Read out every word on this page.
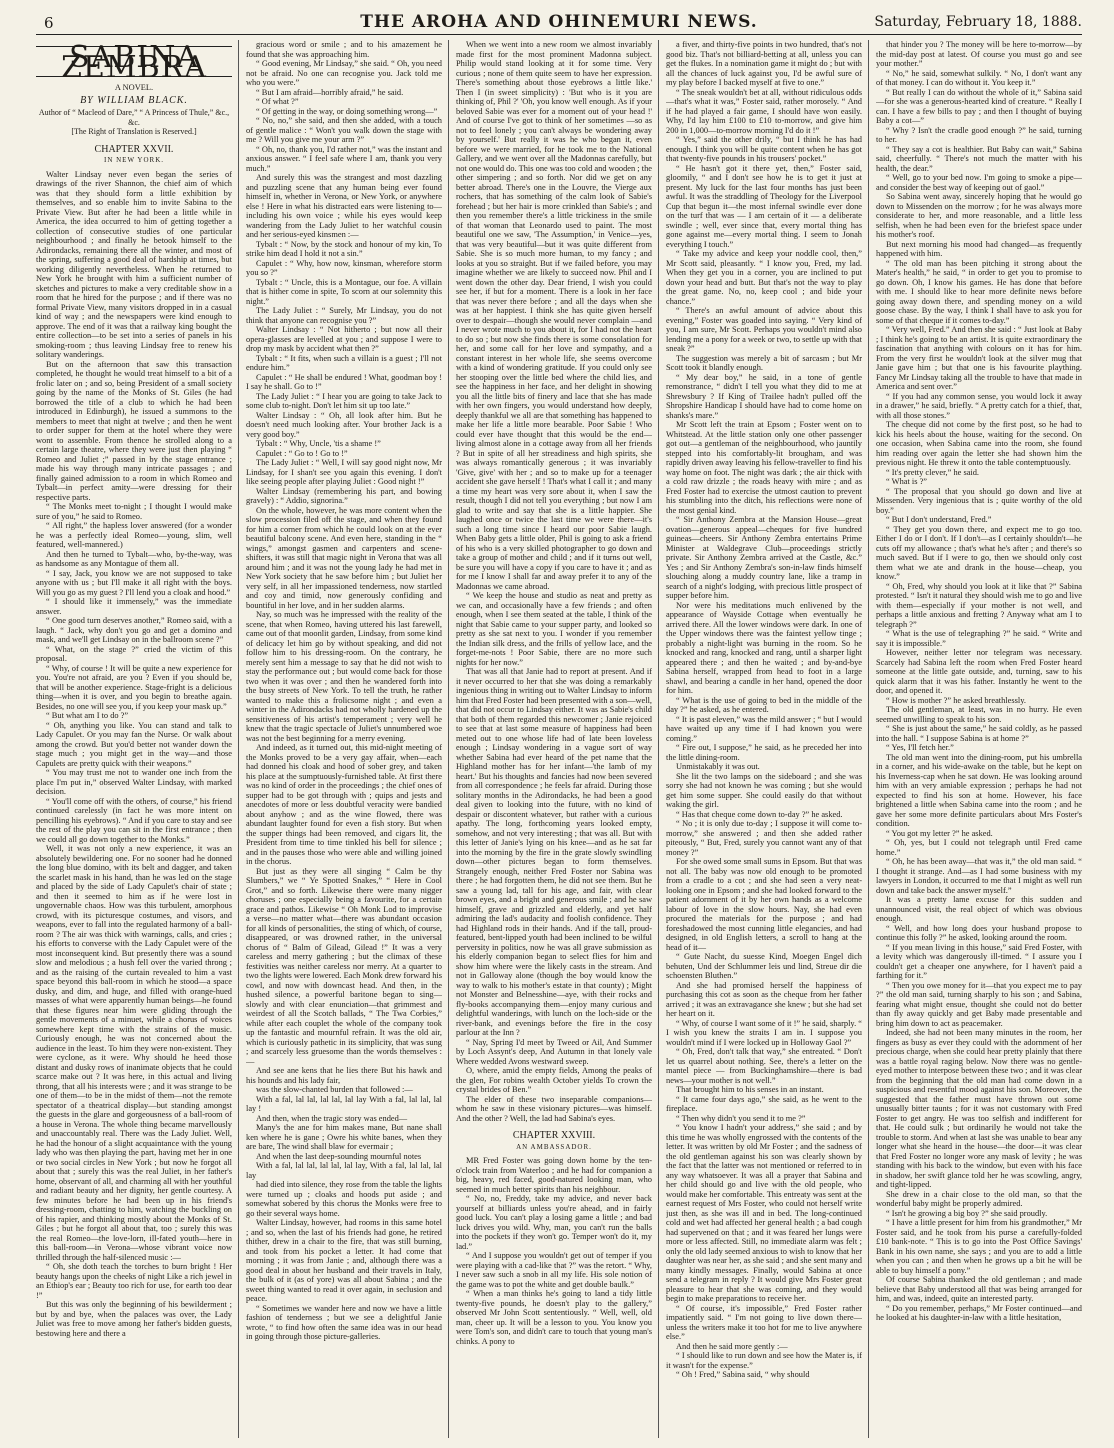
6	THE AROHA AND OHINEMURI NEWS.	Saturday, February 18, 1888.
SABINA ZEMBRA
A NOVEL.
BY WILLIAM BLACK.
Author of “ Macleod of Dare,” “ A Princess of Thule,” &c., &c.
[The Right of Translation is Reserved.]
CHAPTER XXVII.
IN NEW YORK.

Walter Lindsay never even began the series of drawings of the river Shannon, the chief aim of which was that they should form a little exhibition by themselves, and so enable him to invite Sabina to the Private View. But after he had been a little while in America, the idea occurred to him of getting together a collection of consecutive studies of one particular neighbourhood ; and finally he betook himself to the Adirondacks, remaining there all the winter, and most of the spring, suffering a good deal of hardship at times, but working diligently nevertheless. When he returned to New York he brought with him a sufficient number of sketches and pictures to make a very creditable show in a room that he hired for the purpose ; and if there was no formal Private View, many visitors dropped in in a casual kind of way ; and the newspapers were kind enough to approve. The end of it was that a railway king bought the entire collection—to be set into a series of panels in his smoking-room ; thus leaving Lindsay free to renew his solitary wanderings.

But on the afternoon that saw this transaction completed, he thought he would treat himself to a bit of a frolic later on ; and so, being President of a small society going by the name of the Monks of St. Giles (he had borrowed the title of a club to which he had been introduced in Edinburgh), he issued a summons to the members to meet that night at twelve ; and then he went to order supper for them at the hotel where they were wont to assemble. From thence he strolled along to a certain large theatre, where they were just then playing “ Romeo and Juliet ;” passed in by the stage entrance ; made his way through many intricate passages ; and finally gained admission to a room in which Romeo and Tybalt—in perfect amity—were dressing for their respective parts.

“ The Monks meet to-night ; I thought I would make sure of you,” he said to Romeo.

“ All right,” the hapless lover answered (for a wonder he was a perfectly ideal Romeo—young, slim, well featured, well-mannered.)

And then he turned to Tybalt—who, by-the-way, was as handsome as any Montague of them all.

“ I say, Jack, you know we are not supposed to take anyone with us ; but I'll make it all right with the boys. Will you go as my guest ? I'll lend you a cloak and hood.”

“ I should like it immensely,” was the immediate answer.

“ One good turn deserves another,” Romeo said, with a laugh. “ Jack, why don't you go and get a domino and mask, and we'll get Lindsay on in the ballroom scene ?”

“ What, on the stage ?” cried the victim of this proposal.

“ Why, of course ! It will be quite a new experience for you. You're not afraid, are you ? Even if you should be, that will be another experience. Stage-fright is a delicious thing—when it is over, and you begin to breathe again. Besides, no one will see you, if you keep your mask up.”

“ But what am I to do ?”

“ Oh, anything you like. You can stand and talk to Lady Capulet. Or you may fan the Nurse. Or walk about among the crowd. But you'd better not wander down the stage much ; you might get in the way—and those Capulets are pretty quick with their weapons.”

“ You may trust me not to wander one inch from the place I'm put in,” observed Walter Lindsay, with marked decision.

“ You'll come off with the others, of course,” his friend continued carelessly (in fact he was more intent on pencilling his eyebrows). “ And if you care to stay and see the rest of the play you can sit in the first entrance ; then we could all go down together to the Monks.”

Well, it was not only a new experience, it was an absolutely bewildering one. For no sooner had he donned the long blue domino, with its belt and dagger, and taken the scarlet mask in his hand, than he was led on the stage and placed by the side of Lady Capulet's chair of state ; and then it seemed to him as if he were lost in ungovernable chaos. How was this turbulent, amorphous crowd, with its picturesque costumes, and visors, and weapons, ever to fall into the regulated harmony of a ball-room ? The air was thick with warnings, calls, and cries ; his efforts to converse with the Lady Capulet were of the most inconsequent kind. But presently there was a sound slow and melodious ; a hush fell over the varied throng ; and as the raising of the curtain revealed to him a vast space beyond this ball-room in which he stood—a space dusky, and dim, and huge, and filled with orange-hued masses of what were apparently human beings—he found that these figures near him were gliding through the gentle movements of a minuet, while a chorus of voices somewhere kept time with the strains of the music. Curiously enough, he was not concerned about the audience in the least. To him they were non-existent. They were cyclone, as it were. Why should he heed those distant and dusky rows of inanimate objects that he could scarce make out ? It was here, in this actual and living throng, that all his interests were ; and it was strange to be one of them—to be in the midst of them—not the remote spectator of a theatrical display—but standing amongst the guests in the glare and gorgeousness of a ball-room of a house in Verona. The whole thing became marvellously and unaccountably real. There was the Lady Juliet. Well, he had the honour of a slight acquaintance with the young lady who was then playing the part, having met her in one or two social circles in New York ; but now he forgot all about that ; surely this was the real Juliet, in her father's home, observant of all, and charming all with her youthful and radiant beauty and her dignity, her gentle courtesy. A few minutes before he had been up in his friend's dressing-room, chatting to him, watching the buckling on of his rapier, and thinking mostly about the Monks of St. Giles ; but he forgot all about that, too ; surely this was the real Romeo—the love-lorn, ill-fated youth—here in this ball-room—in Verona—whose vibrant voice now thrilled through the half-silenced music :—

“ Oh, she doth teach the torches to burn bright ! Her beauty hangs upon the cheeks of night Like a rich jewel in an Ethiop's ear ; Beauty too rich for use, for earth too dear !”

But this was only the beginning of his bewilderment ; but by and bye, when the palaces was over, the Lady Juliet was free to move among her father's bidden guests, bestowing here and there a

gracious word or smile ; and to his amazement he found that she was approaching him.

“ Good evening, Mr Lindsay,” she said. “ Oh, you need not be afraid. No one can recognise you. Jack told me who you were.”

“ But I am afraid—horribly afraid,” he said.

“ Of what ?”

“ Of getting in the way, or doing something wrong—”

“ No, no,” she said, and then she added, with a touch of gentle malice : “ Won't you walk down the stage with me ? Will you give me your arm ?”

“ Oh, no, thank you, I'd rather not,” was the instant and anxious answer. “ I feel safe where I am, thank you very much.”

And surely this was the strangest and most dazzling and puzzling scene that any human being ever found himself in, whether in Verona, or New York, or anywhere else ! Here in what his distracted ears were listening to—including his own voice ; while his eyes would keep wandering from the Lady Juliet to her watchful cousin and her serious-eyed kinsmen :—

Tybalt : “ Now, by the stock and honour of my kin, To strike him dead I hold it not a sin.”

Capulet : “ Why, how now, kinsman, wherefore storm you so ?”

Tybalt : “ Uncle, this is a Montague, our foe. A villain that is hither come in spite, To scorn at our solemnity this night.”

The Lady Juliet : “ Surely, Mr Lindsay, you do not think that anyone can recognise you ?”

Walter Lindsay : “ Not hitherto ; but now all their opera-glasses are levelled at you ; and suppose I were to drop my mask by accident what then ?”

Tybalt : “ It fits, when such a villain is a guest ; I'll not endure him.”

Capulet : “ He shall be endured ! What, goodman boy ! I say he shall. Go to !”

The Lady Juliet : “ I hear you are going to take Jack to some club to-night. Don't let him sit up too late.”

Walter Lindsay : “ Oh, all look after him. But he doesn't need much looking after. Your brother Jack is a very good boy.”

Tybalt : “ Why, Uncle, 'tis a shame !”

Capulet : “ Go to ! Go to !”

The Lady Juliet : “ Well, I will say good night now, Mr Lindsay, for I shan't see you again this evening. I don't like seeing people after playing Juliet : Good night !”

Walter Lindsay (remembering his part, and bowing gravely) : “ Addio, signorina.”

On the whole, however, he was more content when the slow procession filed off the stage, and when they found for him a corner from which he could look on at the ever beautiful balcony scene. And even here, standing in the “ wings,” amongst gasmen and carpenters and scene-shifters, it was still that magic night in Verona that was all around him ; and it was not the young lady he had met in New York society that he saw before him ; but Juliet her very self, in all her impassioned tenderness, now startled and coy and timid, now generously confiding and bountiful in her love, and in her sudden alarms.

Nay, so much was he impressed with the reality of the scene, that when Romeo, having uttered his last farewell, came out of that moonlit garden, Lindsay, from some kind of delicacy let him go by without speaking, and did not follow him to his dressing-room. On the contrary, he merely sent him a message to say that he did not wish to stay the performance out ; but would come back for those two when it was over ; and then he wandered forth into the busy streets of New York. To tell the truth, he rather wanted to make this a frolicsome night ; and even a winter in the Adirondacks had not wholly hardened up the sensitiveness of his artist's temperament ; very well he knew that the tragic spectacle of Juliet's unnumbered woe was not the best beginning for a merry evening.

And indeed, as it turned out, this mid-night meeting of the Monks proved to be a very gay affair, when—each had donned his cloak and hood of sober grey, and taken his place at the sumptuously-furnished table. At first there was no kind of order in the proceedings ; the chief ones of supper had to be got through with ; quips and jests and anecdotes of more or less doubtful veracity were bandied about anyhow ; and as the wine flowed, there was abundant laughter found for even a fish story. But when the supper things had been removed, and cigars lit, the President from time to time tinkled his bell for silence ; and in the pauses those who were able and willing joined in the chorus.

But just as they were all singing “ Calm be thy Slumbers,” we “ Ye Spotted Snakes,” “ Here in Cool Grot,” and so forth. Likewise there were many nigger choruses ; one especially being a favourite, for a certain grace and pathos. Likewise “ Oh Monk Lod to improvise a verse—no matter what—there was abundant occasion for all kinds of personalities, the sting of which, of course, disappeared, or was drowned rather, in the universal chorus of “ Balm of Gilead, Gilead !” It was a very careless and merry gathering ; but the climax of these festivities was neither careless nor merry. At a quarter to two the lights were lowered. Each Monk drew forward his cowl, and now with downcast head. And then, in the hushed silence, a powerful baritone began to sing—slowly and with clear enunciation—that grimmest and weirdest of all the Scotch ballads, “ The Twa Corbies,” while after each couplet the whole of the company took up the fantastic and mournful refrain. It was the old air, which is curiously pathetic in its simplicity, that was sung ; and scarcely less gruesome than the words themselves :—

And see ane kens that he lies there But his hawk and his hounds and his lady fair,

was the slow-chanted burden that followed :—

With a fal, lal lal, lal lal, lal lay With a fal, lal lal, lal lay !

And then, when the tragic story was ended—

Many's the ane for him makes mane, But nane shall ken where he is gane ; Owre his white banes, when they are bare, The wind shall blaw for evermair ;

And when the last deep-sounding mournful notes

With a fal, lal lal, lal lal, lal lay, With a fal, lal lal, lal lay

had died into silence, they rose from the table the lights were turned up ; cloaks and hoods put aside ; and somewhat sobered by this chorus the Monks were free to go their several ways home.

Walter Lindsay, however, had rooms in this same hotel ; and so, when the last of his friends had gone, he retired thither, drew in a chair to the fire, that was still burning, and took from his pocket a letter. It had come that morning ; it was from Janie ; and, although there was a good deal in about her husband and their travels in Italy, the bulk of it (as of yore) was all about Sabina ; and the sweet thing wanted to read it over again, in seclusion and peace.

“ Sometimes we wander here and now we have a little fashion of tenderness ; but we see a delightful Janie wrote, “ to find how often the same idea was in our head in going through those picture-galleries.

When we went into a new room we almost invariably made first for the most prominent Madonna subject. Philip would stand looking at it for some time. Very curious ; none of them quite seem to have her expression. There's something about those eyebrows a little like.' Then I (in sweet simplicity) : 'But who is it you are thinking of, Phil ?' 'Oh, you know well enough. As if your beloved Sabie was ever for a moment out of your head !' And of course I've got to think of her sometimes —so as not to feel lonely ; you can't always be wondering away by yourself.' But really it was he who began it, even before we were married, for he took me to the National Gallery, and we went over all the Madonnas carefully, but not one would do. This one was too cold and wooden ; the other simpering ; and so forth. Nor did we get on any better abroad. There's one in the Louvre, the Vierge aux rochers, that has something of the calm look of Sabie's forehead ; but her hair is more crinkled than Sabie's ; and then you remember there's a little trickiness in the smile of that woman that Leonardo used to paint. The most beautiful one we saw, 'The Assumption,' in Venice—yes, that was very beautiful—but it was quite different from Sabie. She is so much more human, to my fancy ; and looks at you so straight. But if we failed before, you may imagine whether we are likely to succeed now. Phil and I went down the other day. Dear friend, I wish you could see her, if but for a moment. There is a look in her face that was never there before ; and all the days when she was at her happiest. I think she has quite given herself over to despair—though she would never complain —and I never wrote much to you about it, for I had not the heart to do so ; but now she finds there is some consolation for her, and some call for her love and sympathy, and a constant interest in her whole life, she seems overcome with a kind of wondering gratitude. If you could only see her stooping over the little bed where the child lies, and see the happiness in her face, and her delight in showing you all the little bits of finery and lace that she has made with her own fingers, you would understand how deeply, deeply thankful we all are that something has happened to make her life a little more bearable. Poor Sabie ! Who could ever have thought that this would be the end—living almost alone in a cottage away from all her friends ? But in spite of all her streadiness and high spirits, she was always romantically generous ; it was invariably 'Give, give' with her ; and so to make up for a teenager accident she gave herself ! That's what I call it ; and many a time my heart was very sore about it, when I saw the result, though I did not tell you everything ; but now I am glad to write and say that she is a little happier. She laughed once or twice the last time we were there—it's such a long time since I heard our poor Sabie laugh. When Baby gets a little older, Phil is going to ask a friend of his who is a very skilled photographer to go down and take a group of mother and child ; and if it turns out well, be sure you will have a copy if you care to have it ; and as for me I know I shall far and away prefer it to any of the Madonnas we came abroad.

“ We keep the house and studio as neat and pretty as we can, and occasionally have a few friends ; and often enough, when I see them seated at the table, I think of the night that Sabie came to your supper party, and looked so pretty as she sat next to you. I wonder if you remember the Indian silk dress, and the frills of yellow lace, and the forget-me-nots ! Poor Sabie, there are no more such nights for her now.”

That was all that Janie had to report at present. And if it never occurred to her that she was doing a remarkably ingenious thing in writing out to Walter Lindsay to inform him that Fred Foster had been presented with a son—well, that did not occur to Lindsay either. It was as Sabie's child that both of them regarded this newcomer ; Janie rejoiced to see that at last some measure of happiness had been meted out to one whose life had of late been loveless enough ; Lindsay wondering in a vague sort of way whether Sabina had ever heard of the pet name that the Highland mother has for her infant—'the lamb of my heart.' But his thoughts and fancies had now been severed from all correspondence ; he feels far afraid. During those solitary months in the Adirondacks, he had been a good deal given to looking into the future, with no kind of despair or discontent whatever, but rather with a curious apathy. The long, forthcoming years looked empty, somehow, and not very interesting ; that was all. But with this letter of Janie's lying on his knee—and as he sat far into the morning by the fire in the grate slowly swindling down—other pictures began to form themselves. Strangely enough, neither Fred Foster nor Sabina was there ; he had forgotten them, he did not see them. But he saw a young lad, tall for his age, and fair, with clear brown eyes, and a bright and generous smile ; and he saw himself, grave and grizzled and elderly, and yet half admiring the lad's audacity and foolish confidence. They had Highland rods in their hands. And if the tall, proud-featured, bent-lipped youth had been inclined to be wilful perversity in politics, now he was all grave submission as his elderly companion began to select flies for him and show him where were the likely casts in the stream. And not in Galloway alone (though the boy would know the way to walk to his mother's estate in that county) ; Might not Monster and Belnesshine—aye, with their rocks and fly-books accompanying them—enjoy many curious and delightful wanderings, with lunch on the loch-side or the river-bank, and evenings before the fire in the cosy parlour at the Inn ?

“ Nay, Spring I'd meet by Tweed or Ail, And Summer by Loch Assynt's deep, And Autumn in that lonely vale Where wedded Avons westward sweep.

O, where, amid the empty fields, Among the peaks of the glen, For robins wealth October yields To crown the crystal brides of Ben.”

The elder of these two inseparable companions—whom he saw in these visionary pictures—was himself. And the other ? Well, the lad had Sabina's eyes.

CHAPTER XXVIII.
AN AMBASSADOR.

MR Fred Foster was going down home by the ten-o'clock train from Waterloo ; and he had for companion a big, heavy, red faced, good-natured looking man, who seemed in much better spirits than his neighbour.

“ No, no, Freddy, take my advice, and never back yourself at billiards unless you're ahead, and in fairly good luck. You can't play a losing game a little ; and bad luck drives you wild. Why, man, you can't run the balls into the pockets if they won't go. Temper won't do it, my lad.”

“ And I suppose you wouldn't get out of temper if you were playing with a cad-like that ?” was the retort. “ Why, I never saw such a snob in all my life. His sole notion of the game was to pot the white and get double baulk.”

“ When a man thinks he's going to land a tidy little twenty-five pounds, he doesn't play to the gallery,” observed Mr John Scott sententiously. “ Well, well, old man, cheer up. It will be a lesson to you. You know you were Tom's son, and didn't care to touch that young man's chinks. A pony to

a fiver, and thirty-five points in two hundred, that's not good biz. That's not billiard-betting at all, unless you can get the flukes. In a nomination game it might do ; but with all the chances of luck against you, I'd be awful sure of my play before I backed myself at five to one.”

“ The sneak wouldn't bet at all, without ridiculous odds—that's what it was,” Foster said, rather morosely. “ And if he had played a fair game, I should have won easily. Why, I'd lay him £100 to £10 to-morrow, and give him 200 in 1,000—to-morrow morning I'd do it !”

“ Yes,” said the other drily, “ but I think he has had enough. I think you will be quite content when he has got that twenty-five pounds in his trousers' pocket.”

“ He hasn't got it there yet, then,” Foster said, gloomily, “ and I don't see how he is to get it just at present. My luck for the last four months has just been awful. It was the straddling of Theology for the Liverpool Cup that begun it—the most infernal swindle ever done on the turf that was — I am certain of it — a deliberate swindle ; well, ever since that, every mortal thing has gone against me—every mortal thing. I seem to Jonah everything I touch.”

“ Take my advice and keep your noddle cool, then,” Mr Scott said, pleasantly. “ I know you, Fred, my lad. When they get you in a corner, you are inclined to put down your head and butt. But that's not the way to play the great game. No, no, keep cool ; and bide your chance.”

“ There's an awful amount of advice about this evening,” Foster was goaded into saying. “ Very kind of you, I am sure, Mr Scott. Perhaps you wouldn't mind also lending me a pony for a week or two, to settle up with that sneak ?”

The suggestion was merely a bit of sarcasm ; but Mr Scott took it blandly enough.

“ My dear boy,” he said, in a tone of gentle remonstrance, “ didn't I tell you what they did to me at Shrewsbury ? If King of Trailee hadn't pulled off the Shropshire Handicap I should have had to come home on shanks's mare.”

Mr Scott left the train at Epsom ; Foster went on to Whitstead. At the little station only one other passenger got out—a gentleman of the neighbourhood, who jauntily stepped into his comfortably-lit brougham, and was rapidly driven away leaving his fellow-traveller to find his way home on foot. The night was dark ; the air thick with a cold raw drizzle ; the roads heavy with mire ; and as Fred Foster had to exercise the utmost caution to prevent his stumbling into the ditch, his reflections were none of the most genial kind.

“ Sir Anthony Zembra at the Mansion House—great ovation—generous appeal—cheques for five hundred guineas—cheers. Sir Anthony Zembra entertains Prime Minister at Waldegrave Club—proceedings strictly private. Sir Anthony Zembra arrived at the Castle, &c.” Yes ; and Sir Anthony Zembra's son-in-law finds himself slouching along a muddy country lane, like a tramp in search of a night's lodging, with precious little prospect of supper before him.

Nor were his meditations much enlivened by the appearance of Wayside Cottage when eventually he arrived there. All the lower windows were dark. In one of the Upper windows there was the faintest yellow tinge ; probably a night-light was burning in the room. So he knocked and rang, knocked and rang, until a sharper light appeared there ; and then he waited ; and by-and-bye Sabina herself, wrapped from head to foot in a large shawl, and bearing a candle in her hand, opened the door for him.

“ What is the use of going to bed in the middle of the day ?” he asked, as he entered.

“ It is past eleven,” was the mild answer ; “ but I would have waited up any time if I had known you were coming.”

“ Fire out, I suppose,” he said, as he preceded her into the little dining-room.

Unmistakably it was out.

She lit the two lamps on the sideboard ; and she was sorry she had not known he was coming ; but she would get him some supper. She could easily do that without waking the girl.

“ Has that cheque come down to-day ?” he asked.

“ No ; it is only due to-day ; I suppose it will come to-morrow,” she answered ; and then she added rather piteously, “ But, Fred, surely you cannot want any of that money ?”

For she owed some small sums in Epsom. But that was not all. The baby was now old enough to be promoted from a cradle to a cot ; and she had seen a very neat-looking one in Epsom ; and she had looked forward to the patient adornment of it by her own hands as a welcome labour of love in the slow hours. Nay, she had even procured the materials for the purpose ; and had foreshadowed the most cunning little elegancies, and had designed, in old English letters, a scroll to hang at the head of it—

“ Gute Nacht, du suesse Kind, Moegen Engel dich behuten, Und der Schlummer leis und lind, Streue dir die schoensten Bluthen.”

And she had promised herself the happiness of purchasing this cot as soon as the cheque from her father arrived ; it was an extravagance she knew ; but she had set her heart on it.

“ Why, of course I want some of it !” he said, sharply. “ I wish you knew the straits I am in. I suppose you wouldn't mind if I were locked up in Holloway Gaol ?”

“ Oh, Fred, don't talk that way,” she entreated. “ Don't let us quarrel about nothing. See, there's a letter on the mantel piece — from Buckinghamshire—there is bad news—your mother is not well.”

That brought him to his senses in an instant.

“ It came four days ago,” she said, as he went to the fireplace.

“ Then why didn't you send it to me ?”

“ You know I hadn't your address,” she said ; and by this time he was wholly engrossed with the contents of the letter. It was written by old Mr Foster ; and the sadness of the old gentleman against his son was clearly shown by the fact that the latter was not mentioned or referred to in any way whatsoever. It was all a prayer that Sabina and her child should go and live with the old people, who would make her comfortable. This entreaty was sent at the earnest request of Mrs Foster, who could not herself write just then, as she was ill and in bed. The long-continued cold and wet had affected her general health ; a bad cough had supervened on that ; and it was feared her lungs were more or less affected. Still, no immediate alarm was felt ; only the old lady seemed anxious to wish to know that her daughter was near her, as she said ; and she sent many and many kindly messages. Finally, would Sabina at once send a telegram in reply ? It would give Mrs Foster great pleasure to hear that she was coming, and they would begin to make preparations to receive her.

“ Of course, it's impossible,” Fred Foster rather impatiently said. “ I'm not going to live down there—unless the writers make it too hot for me to live anywhere else.”

And then he said more gently :—

“ I should like to run down and see how the Mater is, if it wasn't for the expense.”

“ Oh ! Fred,” Sabina said, “ why should

that hinder you ? The money will be here to-morrow—by the mid-day post at latest. Of course you must go and see your mother.”

“ No,” he said, somewhat sulkily. “ No, I don't want any of that money. I can do without it. You keep it.”

“ But really I can do without the whole of it,” Sabina said—for she was a generous-hearted kind of creature. “ Really I can. I have a few bills to pay ; and then I thought of buying Baby a cot—”

“ Why ? Isn't the cradle good enough ?” he said, turning to her.

“ They say a cot is healthier. But Baby can wait,” Sabina said, cheerfully. “ There's not much the matter with his health, the dear.”

“ Well, go to your bed now. I'm going to smoke a pipe—and consider the best way of keeping out of gaol.”

So Sabina went away, sincerely hoping that he would go down to Missenden on the morrow ; for he was always more considerate to her, and more reasonable, and a little less selfish, when he had been even for the briefest space under his mother's roof.

But next morning his mood had changed—as frequently happened with him.

“ The old man has been pitching it strong about the Mater's health,” he said, “ in order to get you to promise to go down. Oh, I know his games. He has done that before with me. I should like to hear more definite news before going away down there, and spending money on a wild goose chase. By the way, I think I shall have to ask you for some of that cheque if it comes to-day.”

“ Very well, Fred.” And then she said : “ Just look at Baby ; I think he's going to be an artist. It is quite extraordinary the fascination that anything with colours on it has for him. From the very first he wouldn't look at the silver mug that Janie gave him ; but that one is his favourite plaything. Fancy Mr Lindsay taking all the trouble to have that made in America and sent over.”

“ If you had any common sense, you would lock it away in a drawer,” he said, briefly. “ A pretty catch for a thief, that, with all those stones.”

The cheque did not come by the first post, so he had to kick his heels about the house, waiting for the second. On one occasion, when Sabina came into the room, she found him reading over again the letter she had shown him the previous night. He threw it onto the table contemptuously.

“ It's pretty clever,” he said.

“ What is ?”

“ The proposal that you should go down and live at Missenden. Very ingenious that is ; quite worthy of the old boy.”

“ But I don't understand, Fred.”

“ They get you down there, and expect me to go too. Either I do or I don't. If I don't—as I certainly shouldn't—he cuts off my allowance ; that's what he's after ; and there's so much saved. But if I were to go, then we should only cost them what we ate and drank in the house—cheap, you know.”

“ Oh, Fred, why should you look at it like that ?” Sabina protested. “ Isn't it natural they should wish me to go and live with them—especially if your mother is not well, and perhaps a little anxious and fretting ? Anyway what am I to telegraph ?”

“ What is the use of telegraphing ?” he said. “ Write and say it is impossible.”

However, neither letter nor telegram was necessary. Scarcely had Sabina left the room when Fred Foster heard someone at the little gate outside, and, turning, saw to his quick alarm that it was his father. Instantly he went to the door, and opened it.

“ How is mother ?” he asked breathlessly.

The old gentleman, at least, was in no hurry. He even seemed unwilling to speak to his son.

“ She is just about the same,” he said coldly, as he passed into the hall. “ I suppose Sabina is at home ?”

“ Yes, I'll fetch her.”

The old man went into the dining-room, put his umbrella in a corner, and his wide-awake on the table, but he kept on his Inverness-cap when he sat down. He was looking around him with an very amiable expression ; perhaps he had not expected to find his son at home. However, his face brightened a little when Sabina came into the room ; and he gave her some more definite particulars about Mrs Foster's condition.

“ You got my letter ?” he asked.

“ Oh, yes, but I could not telegraph until Fred came home.”

“ Oh, he has been away—that was it,” the old man said. “ I thought it strange. And—as I had some business with my lawyers in London, it occurred to me that I might as well run down and take back the answer myself.”

It was a pretty lame excuse for this sudden and unannounced visit, the real object of which was obvious enough.

“ Well, and how long does your husband propose to continue this folly ?” he asked, looking around the room.

“ If you mean living in this house,” said Fred Foster, with a levity which was dangerously ill-timed. “ I assure you I couldn't get a cheaper one anywhere, for I haven't paid a farthing for it.”

“ Then you owe money for it—that you expect me to pay ?” the old man said, turning sharply to his son ; and Sabina, fearing what might ensue, thought she could not do better than fly away quickly and get Baby made presentable and bring him down to act as peacemaker.

Indeed, she had not been many minutes in the room, her fingers as busy as ever they could with the adornment of her precious charge, when she could hear pretty plainly that there was a battle royal raging below. Now there was no gentle-eyed mother to interpose between these two ; and it was clear from the beginning that the old man had come down in a suspicious and resentful mood against his son. Moreover, the suggested that the father must have thrown out some unusually bitter taunts ; for it was not customary with Fred Foster to get angry. He was too selfish and indifferent for that. He could sulk ; but ordinarily he would not take the trouble to storm. And when at last she was unable to bear any longer what she heard in the house—the door—it was clear that Fred Foster no longer wore any mask of levity ; he was standing with his back to the window, but even with his face in shadow, her swift glance told her he was scowling, angry, and tight-lipped.

She drew in a chair close to the old man, so that the wonderful baby might be properly admired.

“ Isn't he growing a big boy ?” she said proudly.

“ I have a little present for him from his grandmother,” Mr Foster said, and he took from his purse a carefully-folded £10 bank-note. “ This is to go into the Post Office Savings' Bank in his own name, she says ; and you are to add a little when you can ; and then when he grows up a bit he will be able to buy himself a pony.”

Of course Sabina thanked the old gentleman ; and made believe that Baby understood all that was being arranged for him, and was, indeed, quite an interested party.

“ Do you remember, perhaps,” Mr Foster continued—and he looked at his daughter-in-law with a little hesitation,
